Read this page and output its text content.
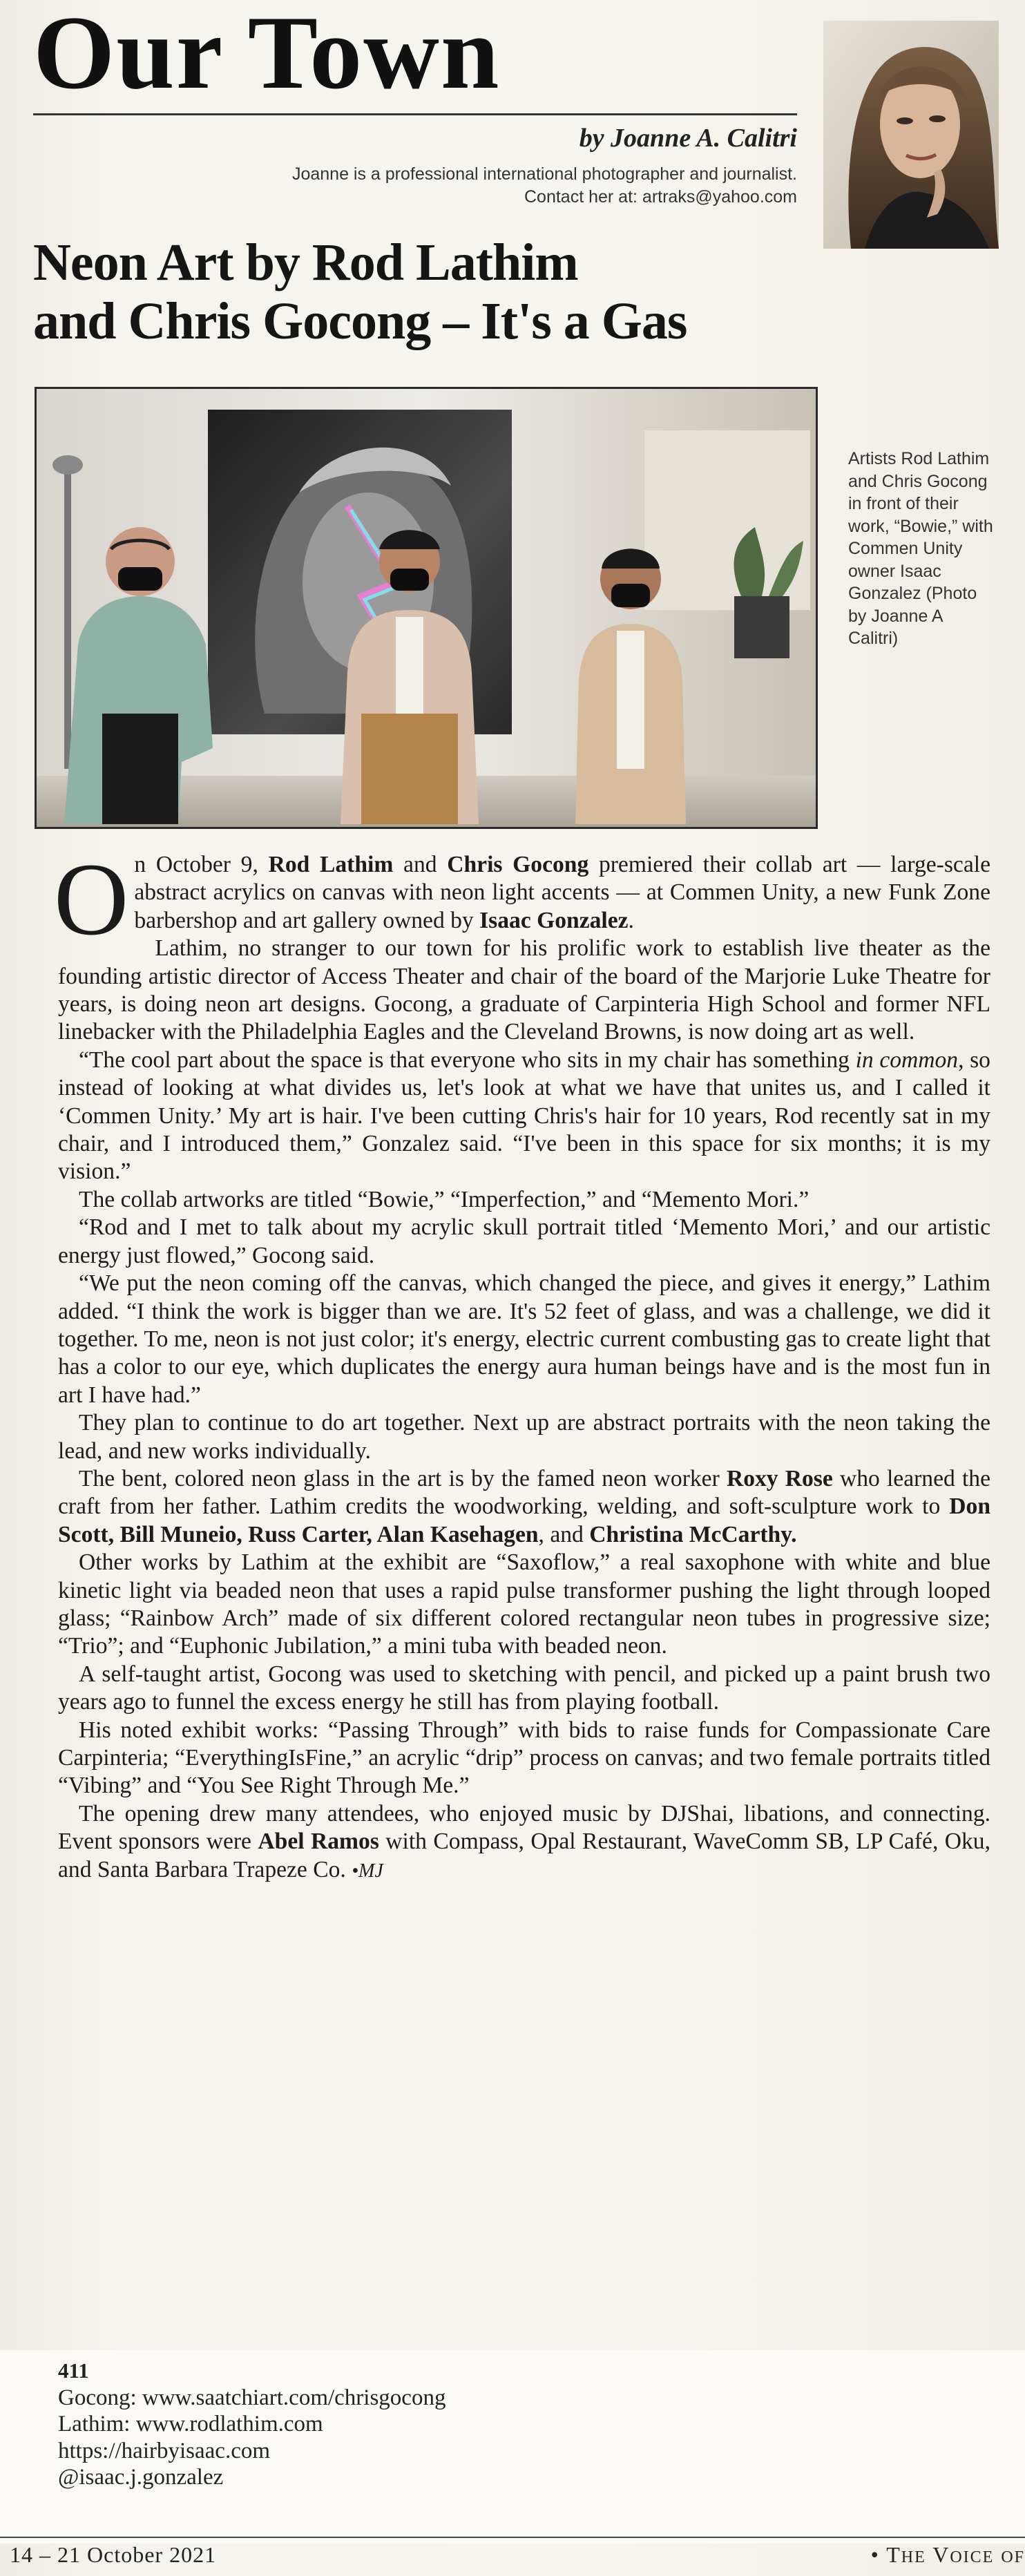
Our Town
by Joanne A. Calitri
Joanne is a professional international photographer and journalist.
Contact her at: artraks@yahoo.com
Neon Art by Rod Lathim
and Chris Gocong – It's a Gas
Artists Rod Lathim and Chris Gocong in front of their work, “Bowie,” with Commen Unity owner Isaac Gonzalez (Photo by Joanne A Calitri)

On October 9, Rod Lathim and Chris Gocong premiered their collab art — large-scale abstract acrylics on canvas with neon light accents — at Commen Unity, a new Funk Zone barbershop and art gallery owned by Isaac Gonzalez.

Lathim, no stranger to our town for his prolific work to establish live theater as the founding artistic director of Access Theater and chair of the board of the Marjorie Luke Theatre for years, is doing neon art designs. Gocong, a graduate of Carpinteria High School and former NFL linebacker with the Philadelphia Eagles and the Cleveland Browns, is now doing art as well.

“The cool part about the space is that everyone who sits in my chair has something in common, so instead of looking at what divides us, let's look at what we have that unites us, and I called it ‘Commen Unity.’ My art is hair. I've been cutting Chris's hair for 10 years, Rod recently sat in my chair, and I introduced them,” Gonzalez said. “I've been in this space for six months; it is my vision.”

The collab artworks are titled “Bowie,” “Imperfection,” and “Memento Mori.”

“Rod and I met to talk about my acrylic skull portrait titled ‘Memento Mori,’ and our artistic energy just flowed,” Gocong said.

“We put the neon coming off the canvas, which changed the piece, and gives it energy,” Lathim added. “I think the work is bigger than we are. It's 52 feet of glass, and was a challenge, we did it together. To me, neon is not just color; it's energy, electric current combusting gas to create light that has a color to our eye, which duplicates the energy aura human beings have and is the most fun in art I have had.”

They plan to continue to do art together. Next up are abstract portraits with the neon taking the lead, and new works individually.

The bent, colored neon glass in the art is by the famed neon worker Roxy Rose who learned the craft from her father. Lathim credits the woodworking, welding, and soft-sculpture work to Don Scott, Bill Muneio, Russ Carter, Alan Kasehagen, and Christina McCarthy.

Other works by Lathim at the exhibit are “Saxoflow,” a real saxophone with white and blue kinetic light via beaded neon that uses a rapid pulse transformer pushing the light through looped glass; “Rainbow Arch” made of six different colored rectangular neon tubes in progressive size; “Trio”; and “Euphonic Jubilation,” a mini tuba with beaded neon.

A self-taught artist, Gocong was used to sketching with pencil, and picked up a paint brush two years ago to funnel the excess energy he still has from playing football.

His noted exhibit works: “Passing Through” with bids to raise funds for Compassionate Care Carpinteria; “EverythingIsFine,” an acrylic “drip” process on canvas; and two female portraits titled “Vibing” and “You See Right Through Me.”

The opening drew many attendees, who enjoyed music by DJShai, libations, and connecting. Event sponsors were Abel Ramos with Compass, Opal Restaurant, WaveComm SB, LP Café, Oku, and Santa Barbara Trapeze Co. •MJ

411
Gocong: www.saatchiart.com/chrisgocong
Lathim: www.rodlathim.com
https://hairbyisaac.com
@isaac.j.gonzalez
14 – 21 October 2021	• THE VOICE OF
